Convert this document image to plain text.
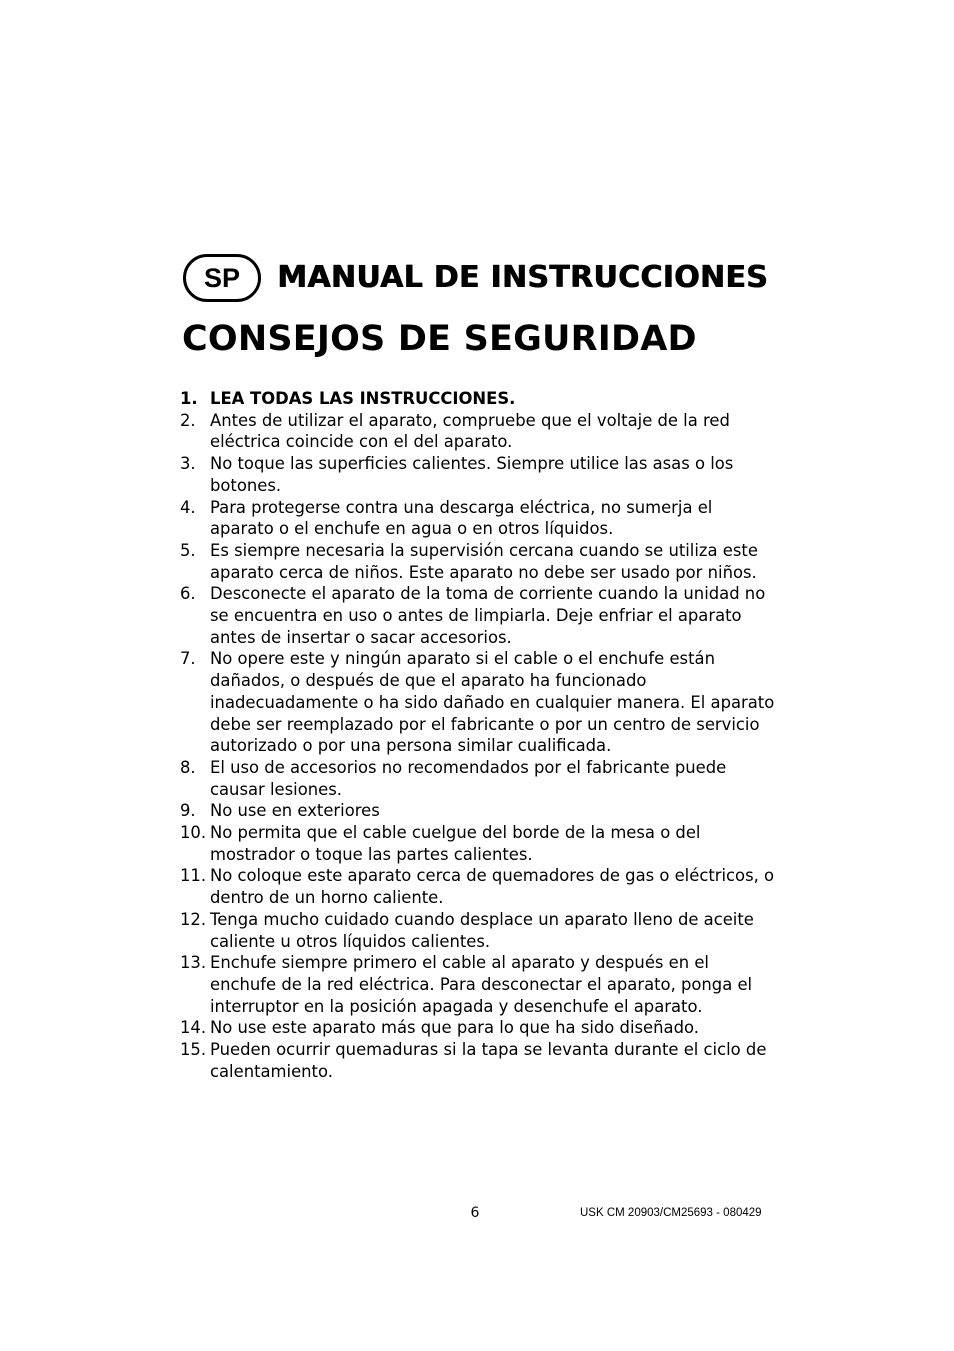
SP	MANUAL DE INSTRUCCIONES
CONSEJOS DE SEGURIDAD
1. LEA TODAS LAS INSTRUCCIONES.
2. Antes de utilizar el aparato, compruebe que el voltaje de la red eléctrica coincide con el del aparato.
3. No toque las superficies calientes. Siempre utilice las asas o los botones.
4. Para protegerse contra una descarga eléctrica, no sumerja el aparato o el enchufe en agua o en otros líquidos.
5. Es siempre necesaria la supervisión cercana cuando se utiliza este aparato cerca de niños. Este aparato no debe ser usado por niños.
6. Desconecte el aparato de la toma de corriente cuando la unidad no se encuentra en uso o antes de limpiarla. Deje enfriar el aparato antes de insertar o sacar accesorios.
7. No opere este y ningún aparato si el cable o el enchufe están dañados, o después de que el aparato ha funcionado inadecuadamente o ha sido dañado en cualquier manera. El aparato debe ser reemplazado por el fabricante o por un centro de servicio autorizado o por una persona similar cualificada.
8. El uso de accesorios no recomendados por el fabricante puede causar lesiones.
9. No use en exteriores
10. No permita que el cable cuelgue del borde de la mesa o del mostrador o toque las partes calientes.
11. No coloque este aparato cerca de quemadores de gas o eléctricos, o dentro de un horno caliente.
12. Tenga mucho cuidado cuando desplace un aparato lleno de aceite caliente u otros líquidos calientes.
13. Enchufe siempre primero el cable al aparato y después en el enchufe de la red eléctrica. Para desconectar el aparato, ponga el interruptor en la posición apagada y desenchufe el aparato.
14. No use este aparato más que para lo que ha sido diseñado.
15. Pueden ocurrir quemaduras si la tapa se levanta durante el ciclo de calentamiento.
6	USK CM 20903/CM25693 - 080429
